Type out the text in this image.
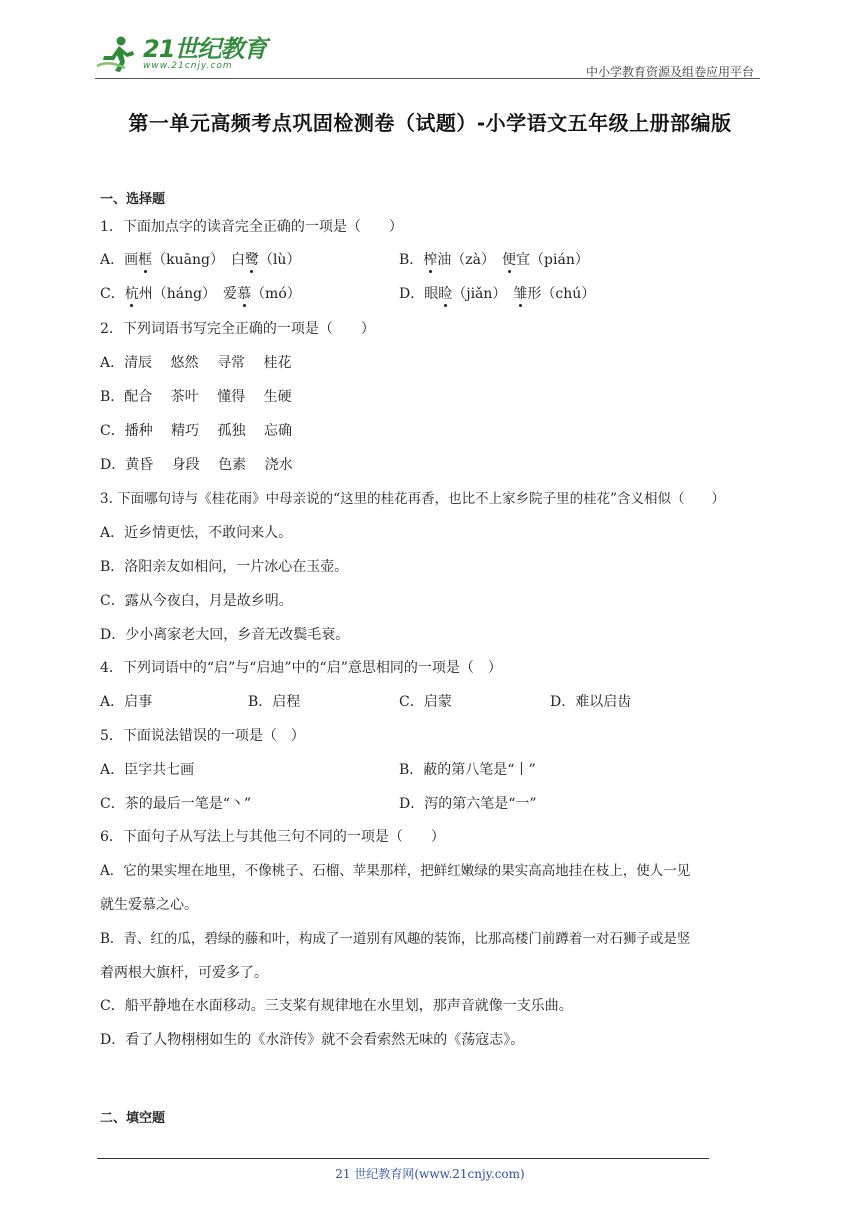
21世纪教育
www.21cnjy.com	中小学教育资源及组卷应用平台
第一单元高频考点巩固检测卷（试题）-小学语文五年级上册部编版
一、选择题
1．下面加点字的读音完全正确的一项是（　　）
A．画框（kuāng）　白鹭（lù）	B．榨油（zà）　便宜（pián）
C．杭州（háng）　爱慕（mó）	D．眼睑（jiǎn）　 雏形（chú）
2．下列词语书写完全正确的一项是（　　）
A．清辰　 悠然　 寻常　 桂花
B．配合　 茶叶　 懂得　 生硬
C．播种　 精巧　 孤独　 忘确
D．黄昏　 身段　 色素　 浇水
3. 下面哪句诗与《桂花雨》中母亲说的“这里的桂花再香，也比不上家乡院子里的桂花”含义相似（　　）
A．近乡情更怯，不敢问来人。
B．洛阳亲友如相问，一片冰心在玉壶。
C．露从今夜白，月是故乡明。
D．少小离家老大回，乡音无改鬓毛衰。
4．下列词语中的“启”与“启迪”中的“启”意思相同的一项是（　）
A．启事	B．启程	C．启蒙	D．难以启齿
5．下面说法错误的一项是（　）
A．臣字共七画	B．蔽的第八笔是“丨”
C．茶的最后一笔是“丶”	D．泻的第六笔是“一”
6．下面句子从写法上与其他三句不同的一项是（　　）
A．它的果实埋在地里，不像桃子、石榴、苹果那样，把鲜红嫩绿的果实高高地挂在枝上，使人一见
就生爱慕之心。
B．青、红的瓜，碧绿的藤和叶，构成了一道别有风趣的装饰，比那高楼门前蹲着一对石狮子或是竖
着两根大旗杆，可爱多了。
C．船平静地在水面移动。三支桨有规律地在水里划，那声音就像一支乐曲。
D．看了人物栩栩如生的《水浒传》就不会看索然无味的《荡寇志》。
二、填空题
21 世纪教育网(www.21cnjy.com)
